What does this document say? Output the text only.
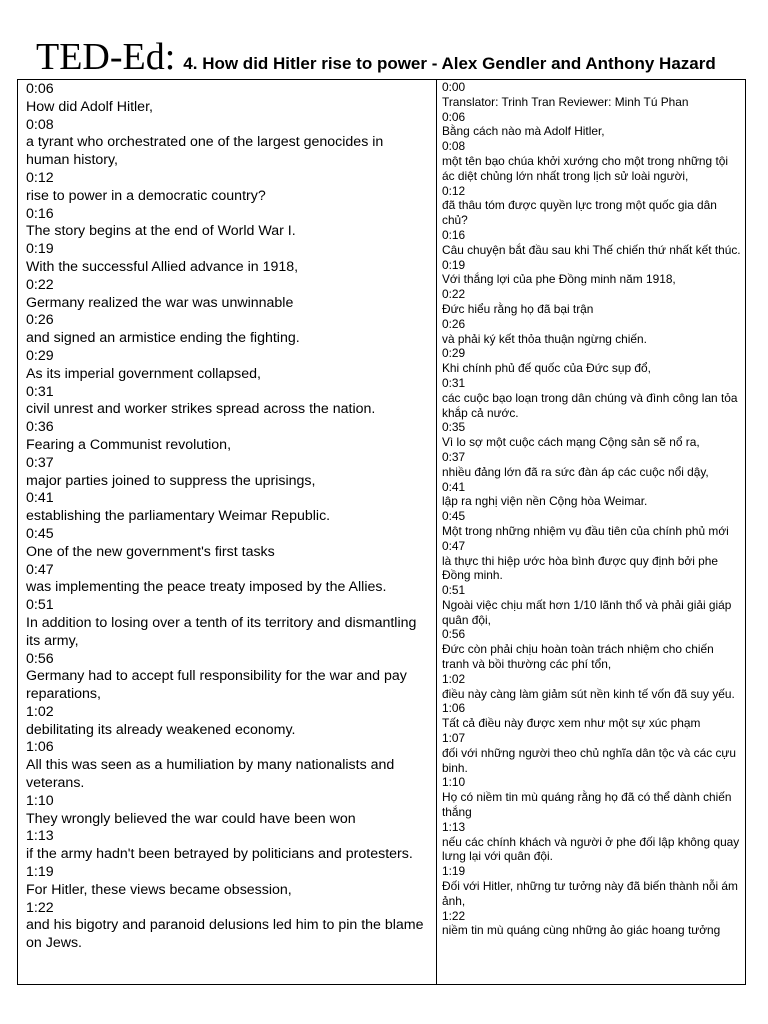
TED-Ed: 4. How did Hitler rise to power - Alex Gendler and Anthony Hazard
0:06
How did Adolf Hitler,
0:08
a tyrant who orchestrated one of the largest genocides in human history,
0:12
rise to power in a democratic country?
0:16
The story begins at the end of World War I.
0:19
With the successful Allied advance in 1918,
0:22
Germany realized the war was unwinnable
0:26
and signed an armistice ending the fighting.
0:29
As its imperial government collapsed,
0:31
civil unrest and worker strikes spread across the nation.
0:36
Fearing a Communist revolution,
0:37
major parties joined to suppress the uprisings,
0:41
establishing the parliamentary Weimar Republic.
0:45
One of the new government's first tasks
0:47
was implementing the peace treaty imposed by the Allies.
0:51
In addition to losing over a tenth of its territory and dismantling its army,
0:56
Germany had to accept full responsibility for the war and pay reparations,
1:02
debilitating its already weakened economy.
1:06
All this was seen as a humiliation by many nationalists and veterans.
1:10
They wrongly believed the war could have been won
1:13
if the army hadn't been betrayed by politicians and protesters.
1:19
For Hitler, these views became obsession,
1:22
and his bigotry and paranoid delusions led him to pin the blame on Jews.
0:00
Translator: Trinh Tran Reviewer: Minh Tú Phan
0:06
Bằng cách nào mà Adolf Hitler,
0:08
một tên bạo chúa khởi xướng cho một trong những tội ác diệt chủng lớn nhất trong lịch sử loài người,
0:12
đã thâu tóm được quyền lực trong một quốc gia dân chủ?
0:16
Câu chuyện bắt đầu sau khi Thế chiến thứ nhất kết thúc.
0:19
Với thắng lợi của phe Đồng minh năm 1918,
0:22
Đức hiểu rằng họ đã bại trận
0:26
và phải ký kết thỏa thuận ngừng chiến.
0:29
Khi chính phủ đế quốc của Đức sụp đổ,
0:31
các cuộc bạo loạn trong dân chúng và đình công lan tỏa khắp cả nước.
0:35
Vì lo sợ một cuộc cách mạng Cộng sản sẽ nổ ra,
0:37
nhiều đảng lớn đã ra sức đàn áp các cuộc nổi dậy,
0:41
lập ra nghị viện nền Cộng hòa Weimar.
0:45
Một trong những nhiệm vụ đầu tiên của chính phủ mới
0:47
là thực thi hiệp ước hòa bình được quy định bởi phe Đồng minh.
0:51
Ngoài việc chịu mất hơn 1/10 lãnh thổ và phải giải giáp quân đội,
0:56
Đức còn phải chịu hoàn toàn trách nhiệm cho chiến tranh và bồi thường các phí tổn,
1:02
điều này càng làm giảm sút nền kinh tế vốn đã suy yếu.
1:06
Tất cả điều này được xem như một sự xúc phạm
1:07
đối với những người theo chủ nghĩa dân tộc và các cựu binh.
1:10
Họ có niềm tin mù quáng rằng họ đã có thể dành chiến thắng
1:13
nếu các chính khách và người ở phe đối lập không quay lưng lại với quân đội.
1:19
Đối với Hitler, những tư tưởng này đã biến thành nỗi ám ảnh,
1:22
niềm tin mù quáng cùng những ảo giác hoang tưởng
